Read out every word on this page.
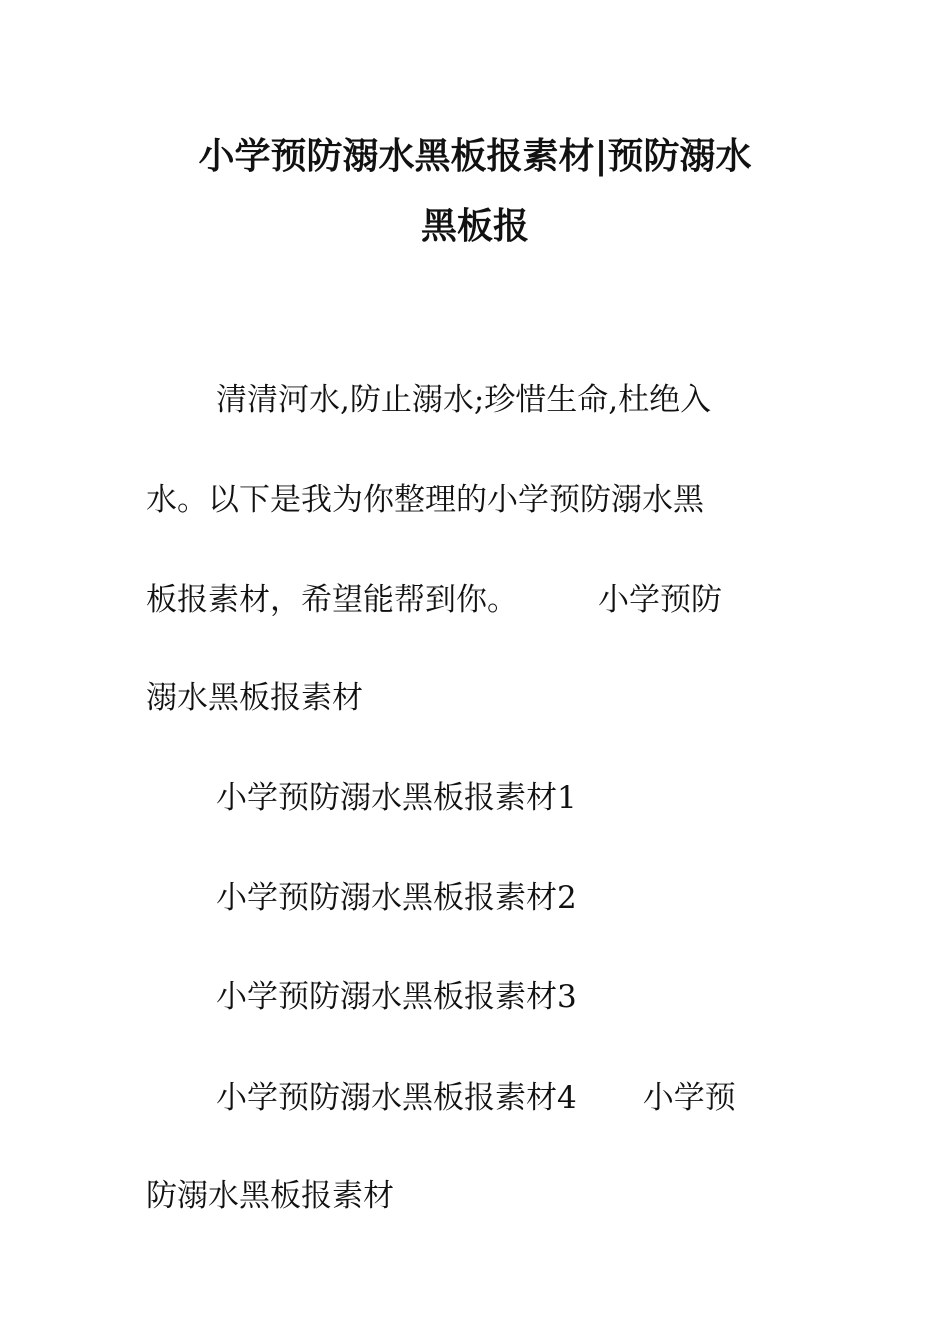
小学预防溺水黑板报素材|预防溺水
黑板报

清清河水,防止溺水;珍惜生命,杜绝入

水。以下是我为你整理的小学预防溺水黑

板报素材，希望能帮到你。	小学预防

溺水黑板报素材

小学预防溺水黑板报素材1

小学预防溺水黑板报素材2

小学预防溺水黑板报素材3

小学预防溺水黑板报素材4 小学预

防溺水黑板报素材
